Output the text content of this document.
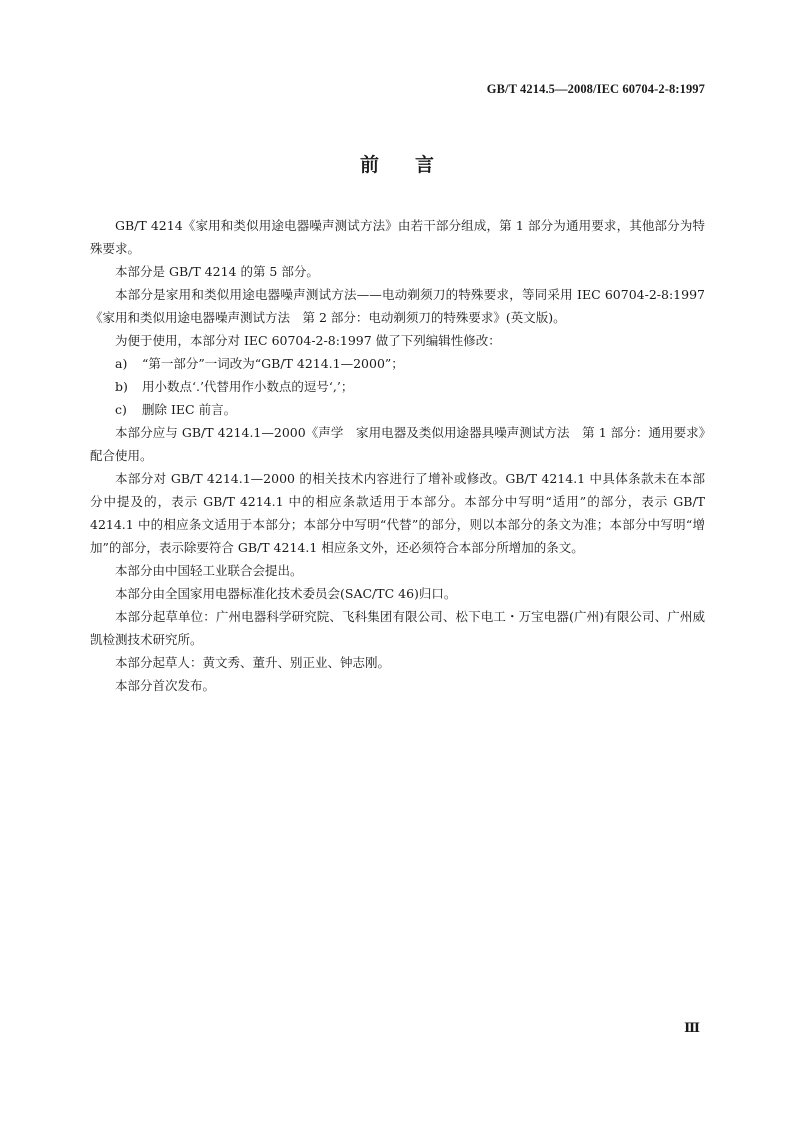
GB/T 4214.5—2008/IEC 60704-2-8:1997
前言

GB/T 4214《家用和类似用途电器噪声测试方法》由若干部分组成，第 1 部分为通用要求，其他部分为特殊要求。

本部分是 GB/T 4214 的第 5 部分。

本部分是家用和类似用途电器噪声测试方法——电动剃须刀的特殊要求，等同采用 IEC 60704-2-8:1997《家用和类似用途电器噪声测试方法　第 2 部分：电动剃须刀的特殊要求》(英文版)。

为便于使用，本部分对 IEC 60704-2-8:1997 做了下列编辑性修改：

a) “第一部分”一词改为“GB/T 4214.1—2000”；
b) 用小数点‘.’代替用作小数点的逗号‘,’；
c) 删除 IEC 前言。

本部分应与 GB/T 4214.1—2000《声学　家用电器及类似用途器具噪声测试方法　第 1 部分：通用要求》配合使用。

本部分对 GB/T 4214.1—2000 的相关技术内容进行了增补或修改。GB/T 4214.1 中具体条款未在本部分中提及的，表示 GB/T 4214.1 中的相应条款适用于本部分。本部分中写明“适用”的部分，表示 GB/T 4214.1 中的相应条文适用于本部分；本部分中写明“代替”的部分，则以本部分的条文为准；本部分中写明“增加”的部分，表示除要符合 GB/T 4214.1 相应条文外，还必须符合本部分所增加的条文。

本部分由中国轻工业联合会提出。

本部分由全国家用电器标准化技术委员会(SAC/TC 46)归口。

本部分起草单位：广州电器科学研究院、飞科集团有限公司、松下电工・万宝电器(广州)有限公司、广州威凯检测技术研究所。

本部分起草人：黄文秀、董升、别正业、钟志刚。

本部分首次发布。

Ⅲ
